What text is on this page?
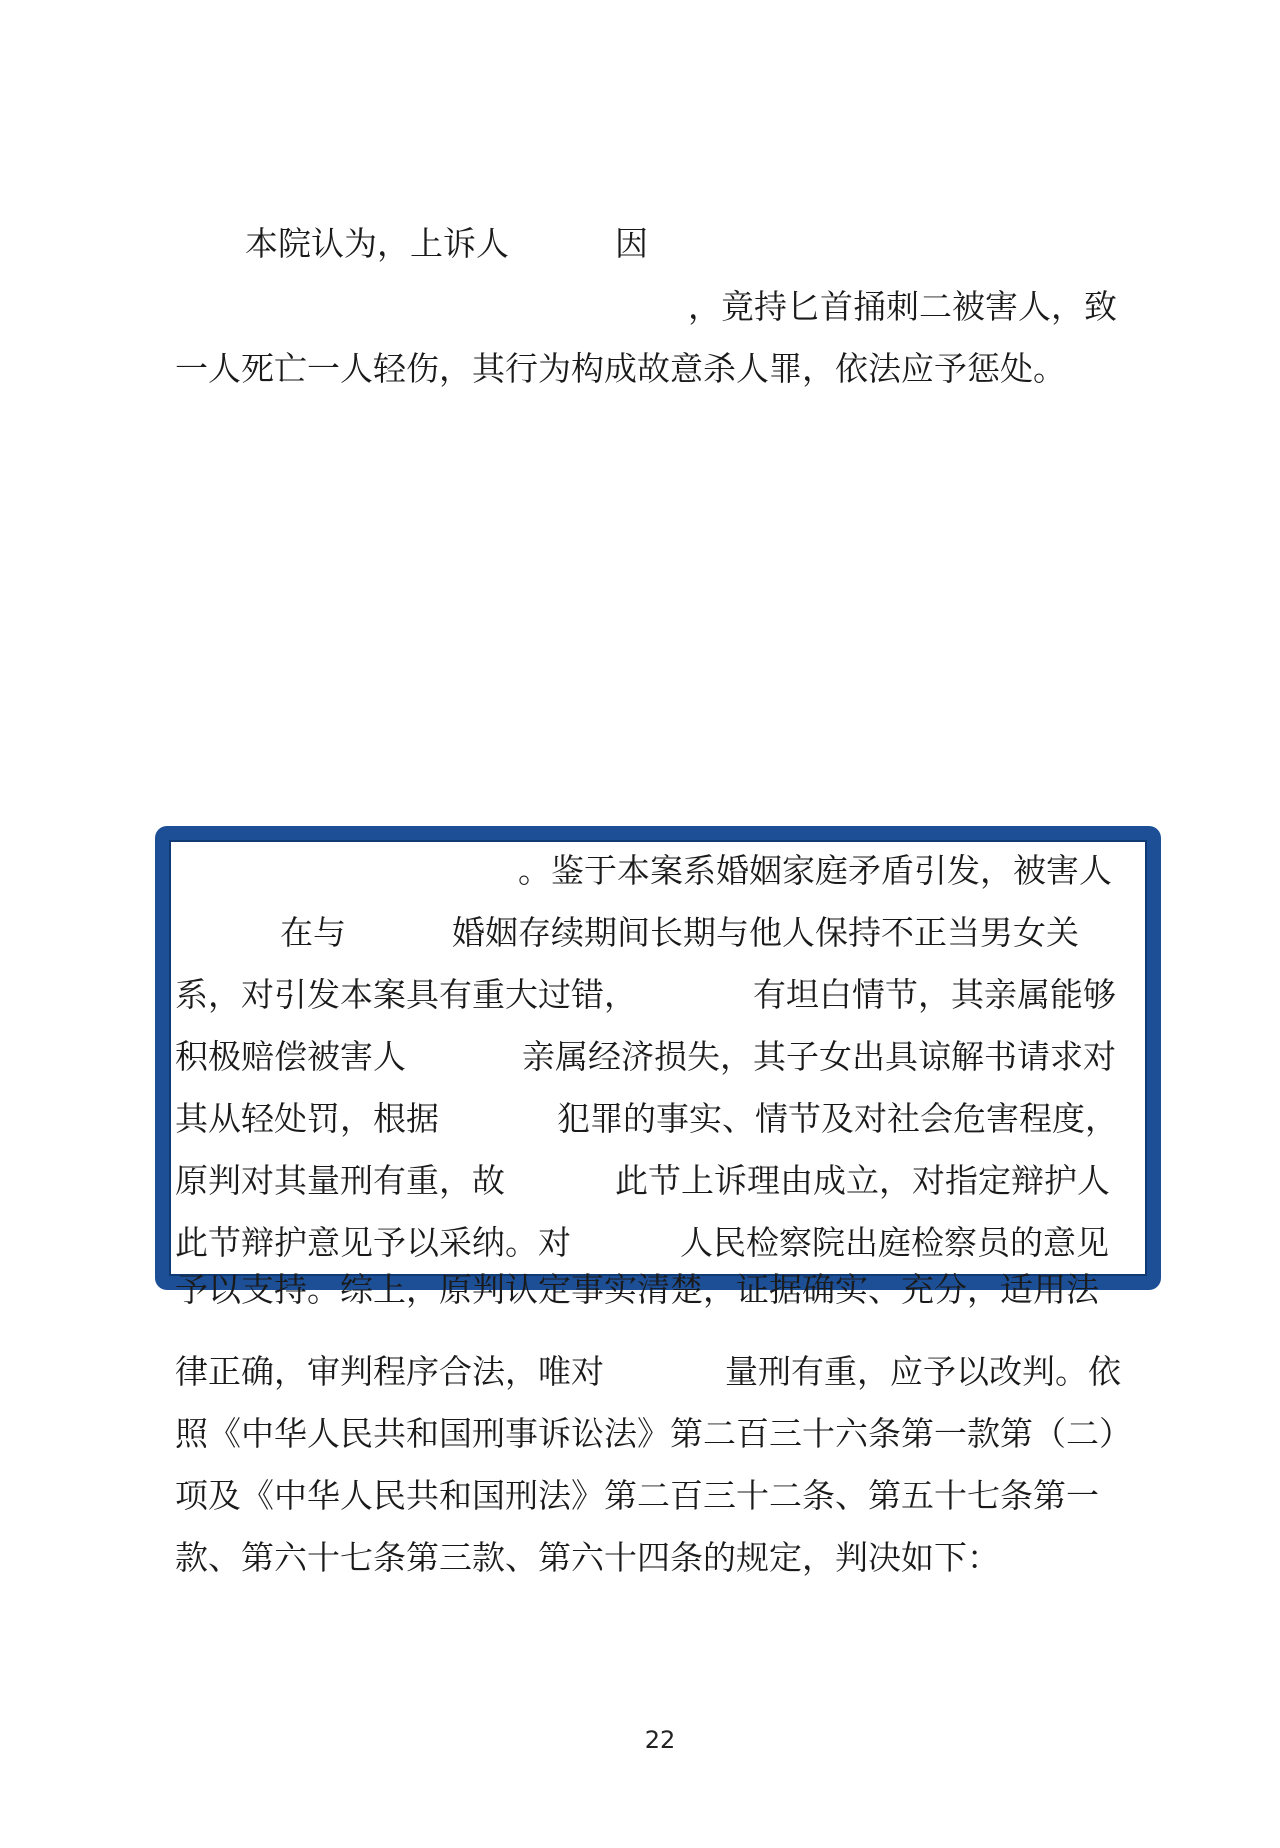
本院认为，上诉人	因
，竟持匕首捅刺二被害人，致
一人死亡一人轻伤，其行为构成故意杀人罪，依法应予惩处。
。鉴于本案系婚姻家庭矛盾引发，被害人
在与	婚姻存续期间长期与他人保持不正当男女关
系，对引发本案具有重大过错，	有坦白情节，其亲属能够
积极赔偿被害人	亲属经济损失，其子女出具谅解书请求对
其从轻处罚，根据	犯罪的事实、情节及对社会危害程度，
原判对其量刑有重，故	此节上诉理由成立，对指定辩护人
此节辩护意见予以采纳。对	人民检察院出庭检察员的意见
予以支持。综上，原判认定事实清楚，证据确实、充分，适用法
律正确，审判程序合法，唯对	量刑有重，应予以改判。依
照《中华人民共和国刑事诉讼法》第二百三十六条第一款第（二）
项及《中华人民共和国刑法》第二百三十二条、第五十七条第一
款、第六十七条第三款、第六十四条的规定，判决如下：
22
